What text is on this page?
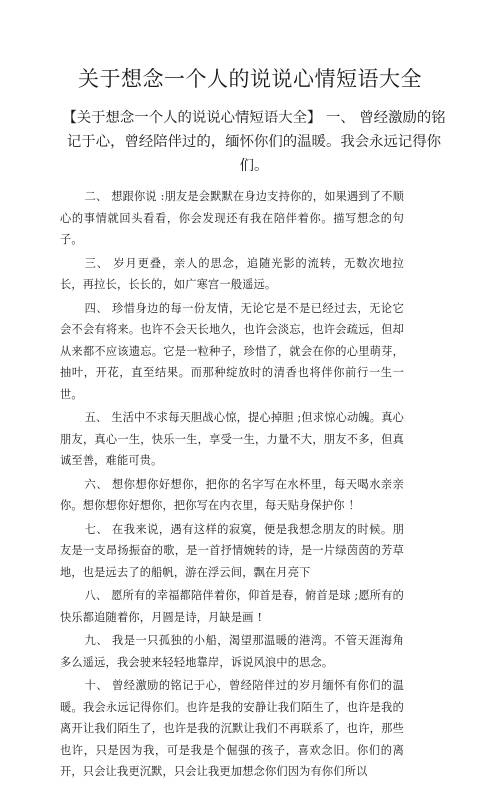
关于想念一个人的说说心情短语大全
【关于想念一个人的说说心情短语大全】 一、 曾经激励的铭记于心，曾经陪伴过的，缅怀你们的温暖。我会永远记得你们。

二、 想跟你说 :朋友是会默默在身边支持你的，如果遇到了不顺心的事情就回头看看，你会发现还有我在陪伴着你。描写想念的句子。

三、 岁月更叠，亲人的思念，追随光影的流转，无数次地拉长，再拉长，长长的，如广寒宫一般遥远。

四、 珍惜身边的每一份友情，无论它是不是已经过去，无论它会不会有将来。也许不会天长地久，也许会淡忘，也许会疏远，但却从来都不应该遗忘。它是一粒种子，珍惜了，就会在你的心里萌芽，抽叶，开花，直至结果。而那种绽放时的清香也将伴你前行一生一世。

五、 生活中不求每天胆战心惊，提心掉胆 ;但求惊心动魄。真心朋友，真心一生，快乐一生，享受一生，力量不大，朋友不多，但真诚至善，难能可贵。

六、 想你想你好想你，把你的名字写在水杯里，每天喝水亲亲你。想你想你好想你，把你写在内衣里，每天贴身保护你 ！

七、 在我来说，遇有这样的寂寞，便是我想念朋友的时候。朋友是一支昂扬振奋的歌，是一首抒情婉转的诗，是一片绿茵茵的芳草地，也是远去了的船帆，游在浮云间，飘在月亮下

八、 愿所有的幸福都陪伴着你，仰首是春，俯首是球 ;愿所有的快乐都追随着你，月圆是诗，月缺是画 !

九、 我是一只孤独的小船，渴望那温暖的港湾。不管天涯海角多么遥远，我会驶来轻轻地靠岸，诉说风浪中的思念。

十、 曾经激励的铭记于心，曾经陪伴过的岁月缅怀有你们的温暖。我会永远记得你们。也许是我的安静让我们陌生了，也许是我的离开让我们陌生了，也许是我的沉默让我们不再联系了，也许，那些也许，只是因为我，可是我是个倔强的孩子，喜欢念旧。你们的离开，只会让我更沉默，只会让我更加想念你们因为有你们所以
